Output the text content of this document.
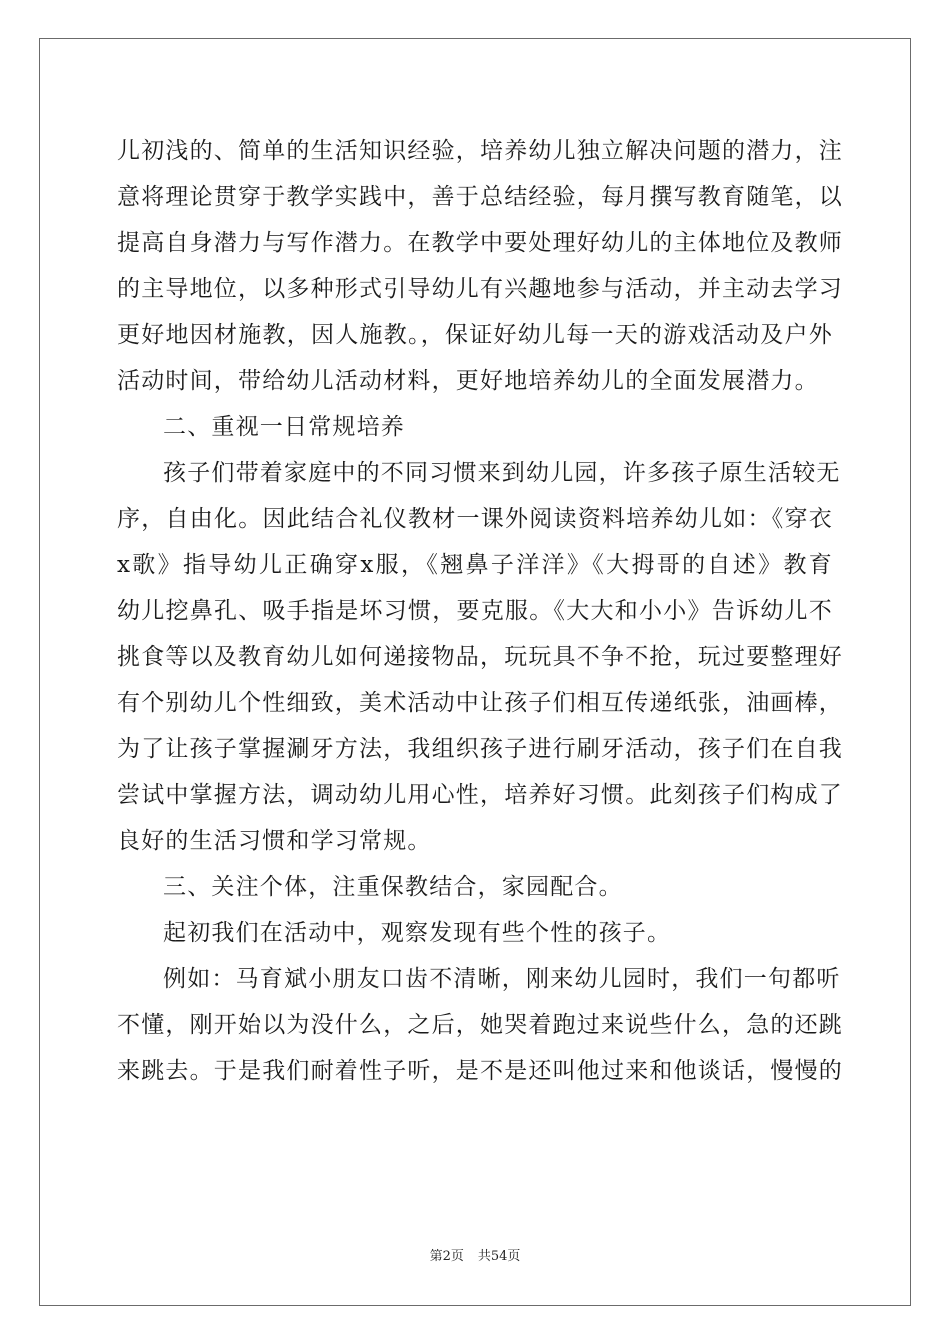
儿初浅的、简单的生活知识经验，培养幼儿独立解决问题的潜力，注
意将理论贯穿于教学实践中，善于总结经验，每月撰写教育随笔，以
提高自身潜力与写作潜力。在教学中要处理好幼儿的主体地位及教师
的主导地位，以多种形式引导幼儿有兴趣地参与活动，并主动去学习
更好地因材施教，因人施教。，保证好幼儿每一天的游戏活动及户外
活动时间，带给幼儿活动材料，更好地培养幼儿的全面发展潜力。
二、重视一日常规培养
孩子们带着家庭中的不同习惯来到幼儿园，许多孩子原生活较无
序，自由化。因此结合礼仪教材一课外阅读资料培养幼儿如：《穿衣
x歌》指导幼儿正确穿x服，《翘鼻子洋洋》《大拇哥的自述》教育
幼儿挖鼻孔、吸手指是坏习惯，要克服。《大大和小小》告诉幼儿不
挑食等以及教育幼儿如何递接物品，玩玩具不争不抢，玩过要整理好
有个别幼儿个性细致，美术活动中让孩子们相互传递纸张，油画棒，
为了让孩子掌握涮牙方法，我组织孩子进行刷牙活动，孩子们在自我
尝试中掌握方法，调动幼儿用心性，培养好习惯。此刻孩子们构成了
良好的生活习惯和学习常规。
三、关注个体，注重保教结合，家园配合。
起初我们在活动中，观察发现有些个性的孩子。
例如：马育斌小朋友口齿不清晰，刚来幼儿园时，我们一句都听
不懂，刚开始以为没什么，之后，她哭着跑过来说些什么，急的还跳
来跳去。于是我们耐着性子听，是不是还叫他过来和他谈话，慢慢的
第2页 共54页
